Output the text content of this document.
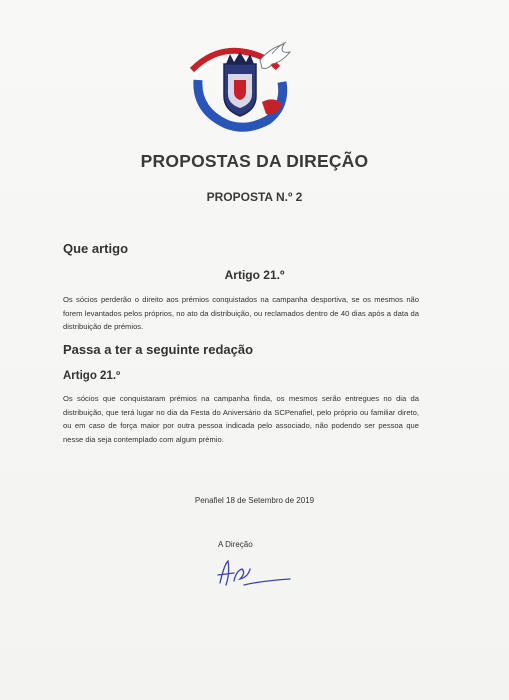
PROPOSTAS DA DIREÇÃO
PROPOSTA N.º 2
Que artigo
Artigo 21.º
Os sócios perderão o direito aos prémios conquistados na campanha desportiva, se os mesmos não forem levantados pelos próprios, no ato da distribuição, ou reclamados dentro de 40 dias após a data da distribuição de prémios.
Passa a ter a seguinte redação
Artigo 21.º
Os sócios que conquistaram prémios na campanha finda, os mesmos serão entregues no dia da distribuição, que terá lugar no dia da Festa do Aniversário da SCPenafiel, pelo próprio ou familiar direto, ou em caso de força maior por outra pessoa indicada pelo associado, não podendo ser pessoa que nesse dia seja contemplado com algum prémio.
Penafiel 18 de Setembro de 2019
A Direção
